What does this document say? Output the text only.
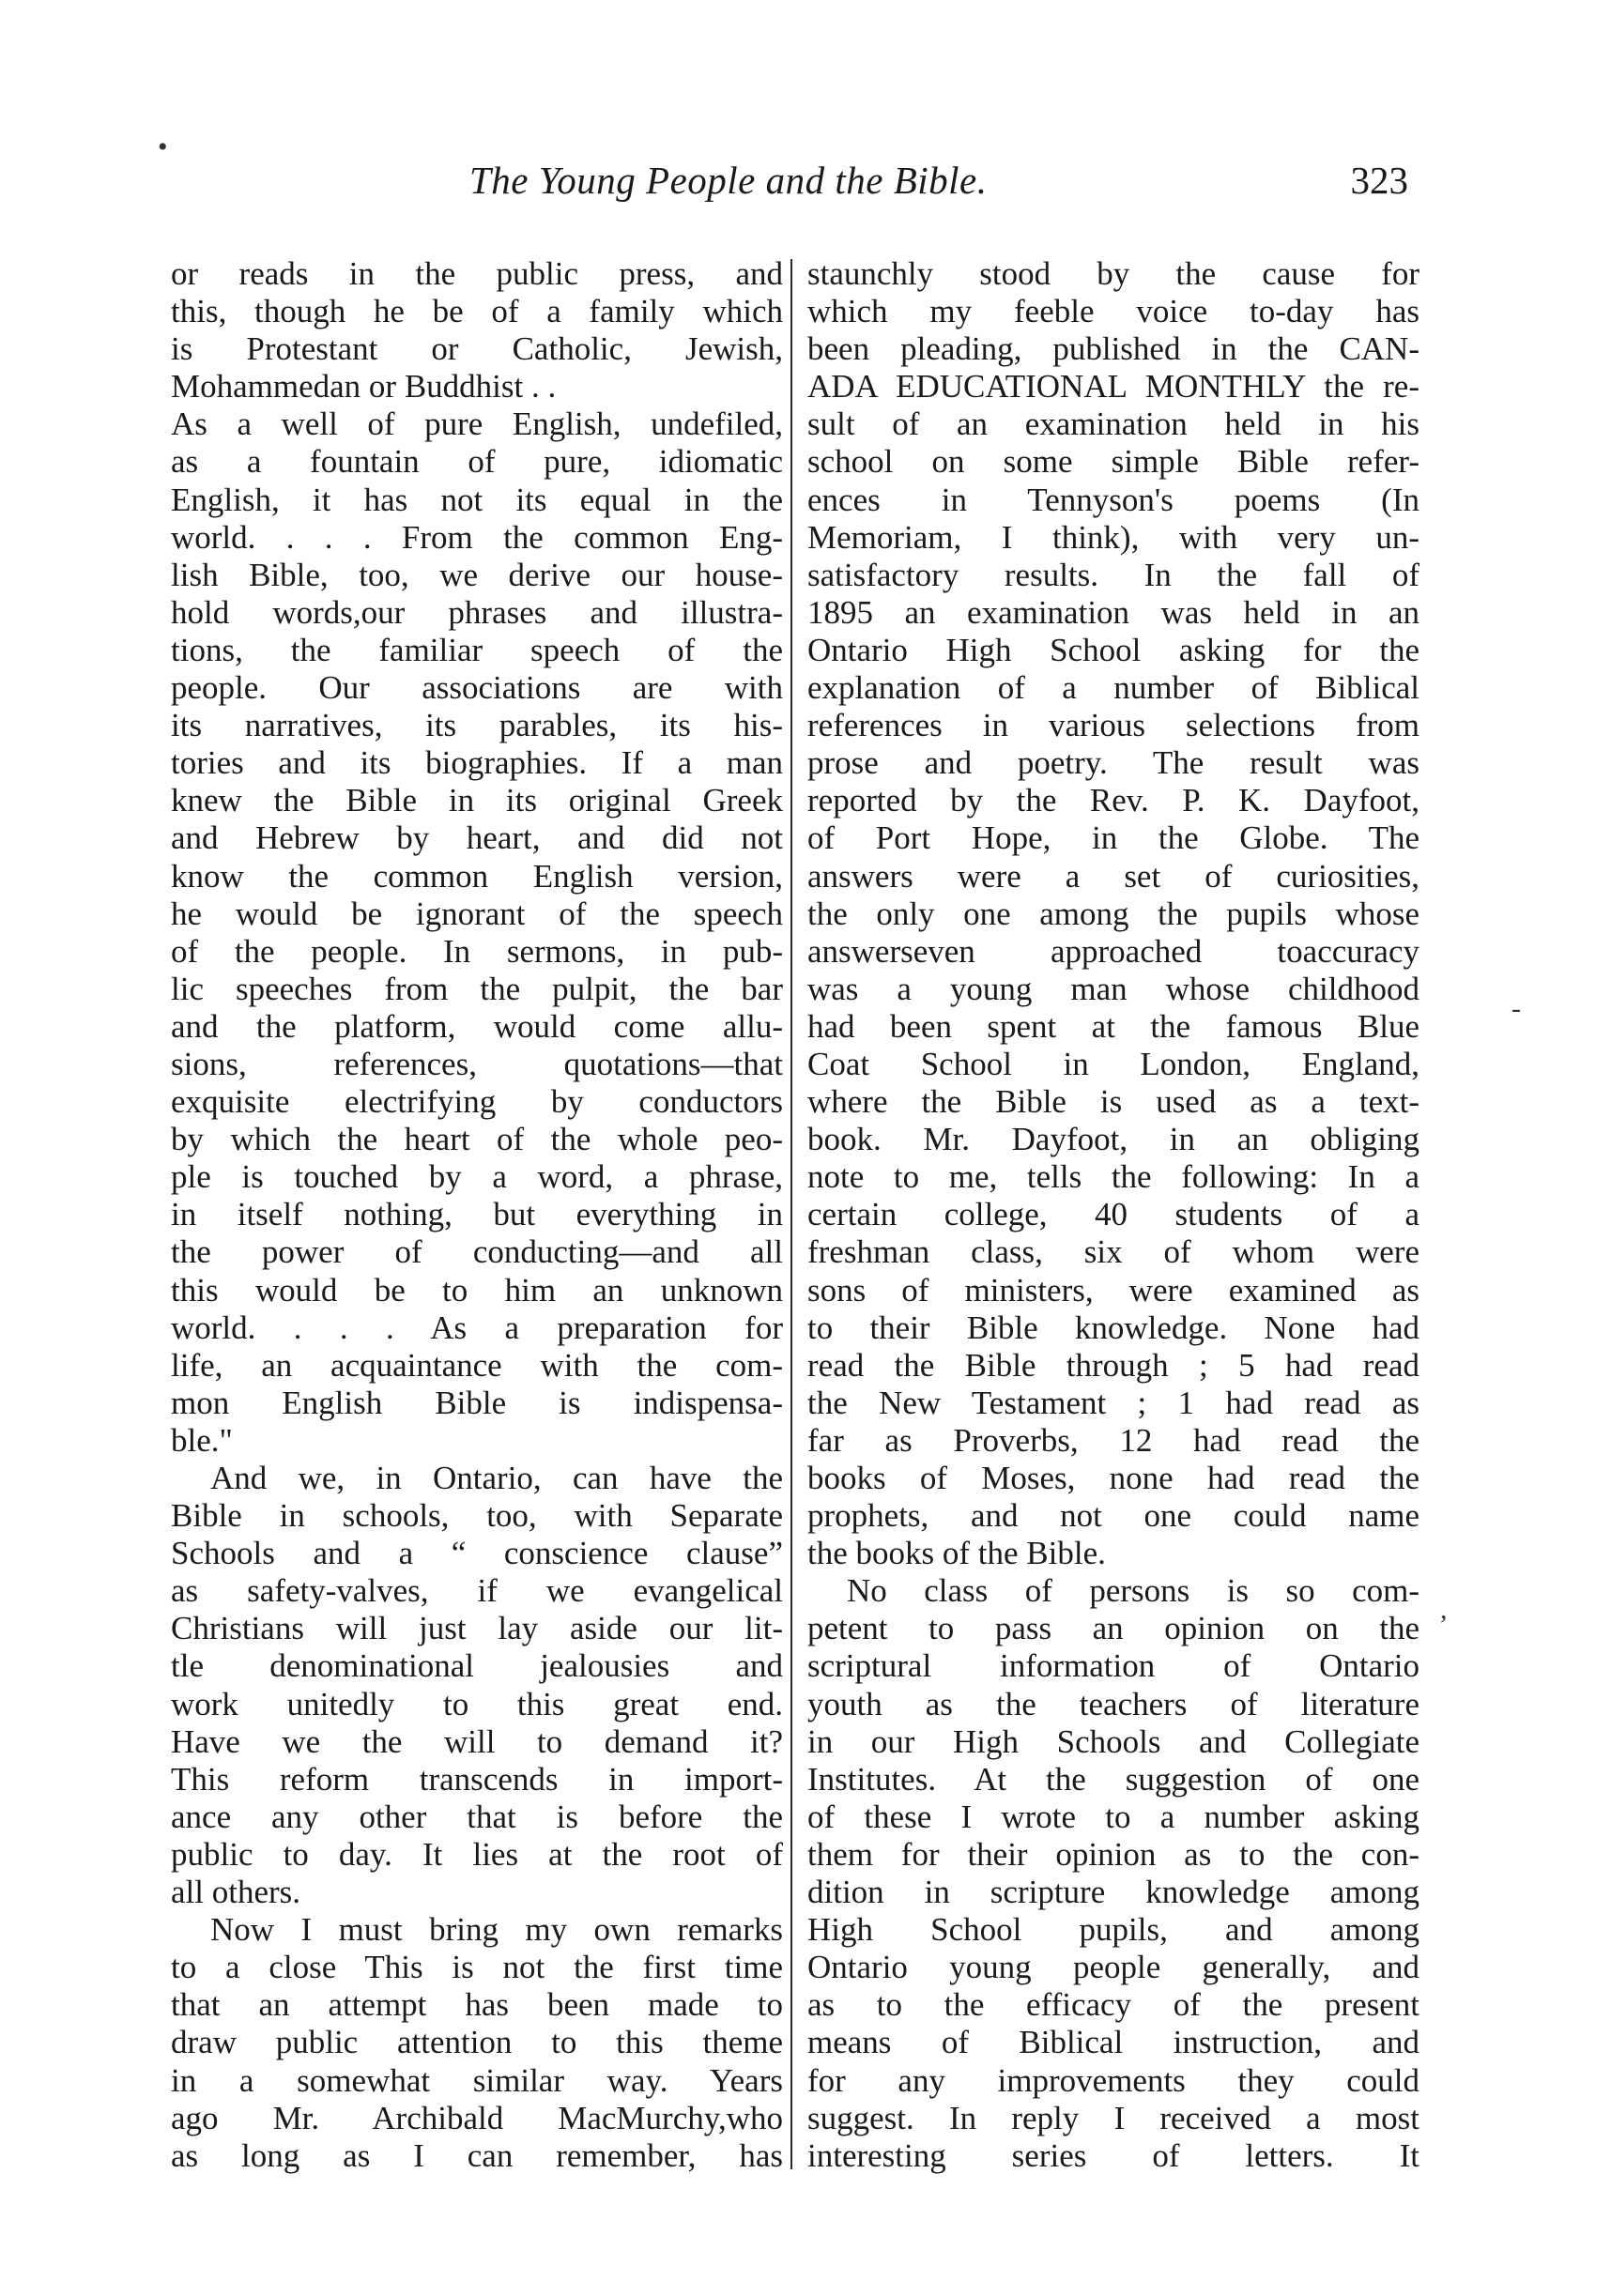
The Young People and the Bible.	323
or reads in the public press, and
this, though he be of a family which
is Protestant or Catholic, Jewish,
Mohammedan or Buddhist . .
As a well of pure English, undefiled,
as a fountain of pure, idiomatic
English, it has not its equal in the
world. . . . From the common Eng-
lish Bible, too, we derive our house-
hold words,our phrases and illustra-
tions, the familiar speech of the
people. Our associations are with
its narratives, its parables, its his-
tories and its biographies. If a man
knew the Bible in its original Greek
and Hebrew by heart, and did not
know the common English version,
he would be ignorant of the speech
of the people. In sermons, in pub-
lic speeches from the pulpit, the bar
and the platform, would come allu-
sions, references, quotations—that
exquisite electrifying by conductors
by which the heart of the whole peo-
ple is touched by a word, a phrase,
in itself nothing, but everything in
the power of conducting—and all
this would be to him an unknown
world. . . . As a preparation for
life, an acquaintance with the com-
mon English Bible is indispensa-
ble."
And we, in Ontario, can have the
Bible in schools, too, with Separate
Schools and a “ conscience clause”
as safety-valves, if we evangelical
Christians will just lay aside our lit-
tle denominational jealousies and
work unitedly to this great end.
Have we the will to demand it?
This reform transcends in import-
ance any other that is before the
public to day. It lies at the root of
all others.
Now I must bring my own remarks
to a close This is not the first time
that an attempt has been made to
draw public attention to this theme
in a somewhat similar way. Years
ago Mr. Archibald MacMurchy,who
as long as I can remember, has
staunchly stood by the cause for
which my feeble voice to-day has
been pleading, published in the CAN-
ADA EDUCATIONAL MONTHLY the re-
sult of an examination held in his
school on some simple Bible refer-
ences in Tennyson's poems (In
Memoriam, I think), with very un-
satisfactory results. In the fall of
1895 an examination was held in an
Ontario High School asking for the
explanation of a number of Biblical
references in various selections from
prose and poetry. The result was
reported by the Rev. P. K. Dayfoot,
of Port Hope, in the Globe. The
answers were a set of curiosities,
the only one among the pupils whose
answerseven approached toaccuracy
was a young man whose childhood
had been spent at the famous Blue
Coat School in London, England,
where the Bible is used as a text-
book. Mr. Dayfoot, in an obliging
note to me, tells the following: In a
certain college, 40 students of a
freshman class, six of whom were
sons of ministers, were examined as
to their Bible knowledge. None had
read the Bible through ; 5 had read
the New Testament ; 1 had read as
far as Proverbs, 12 had read the
books of Moses, none had read the
prophets, and not one could name
the books of the Bible.
No class of persons is so com-
petent to pass an opinion on the
scriptural information of Ontario
youth as the teachers of literature
in our High Schools and Collegiate
Institutes. At the suggestion of one
of these I wrote to a number asking
them for their opinion as to the con-
dition in scripture knowledge among
High School pupils, and among
Ontario young people generally, and
as to the efficacy of the present
means of Biblical instruction, and
for any improvements they could
suggest. In reply I received a most
interesting series of letters. It
•
-
,
